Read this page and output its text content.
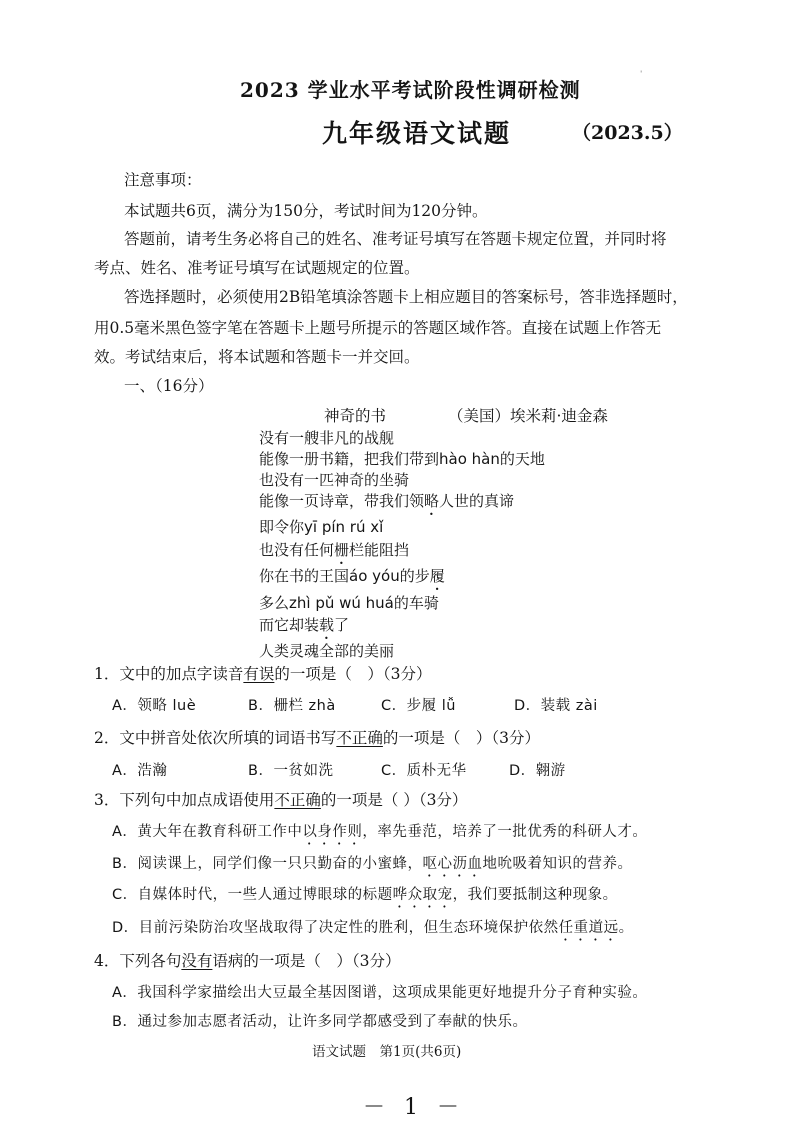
2023 学业水平考试阶段性调研检测
ˈ
九年级语文试题	（2023.5）
注意事项：
本试题共6页，满分为150分，考试时间为120分钟。
答题前，请考生务必将自己的姓名、准考证号填写在答题卡规定位置，并同时将
考点、姓名、准考证号填写在试题规定的位置。
答选择题时，必须使用2B铅笔填涂答题卡上相应题目的答案标号，答非选择题时，
用0.5毫米黑色签字笔在答题卡上题号所提示的答题区域作答。直接在试题上作答无
效。考试结束后，将本试题和答题卡一并交回。
一、（16分）
神奇的书	（美国）埃米莉·迪金森
没有一艘非凡的战舰
能像一册书籍，把我们带到hào hàn的天地
也没有一匹神奇的坐骑
能像一页诗章，带我们领略人世的真谛
即令你yī pín rú xǐ
也没有任何栅栏能阻挡
你在书的王国áo yóu的步履
多么zhì pǔ wú huá的车骑
而它却装载了
人类灵魂全部的美丽
1．文中的加点字读音有误的一项是（　）（3分）
A．领略 luè	B．栅栏 zhà	C．步履 lǚ	D．装载 zài
2．文中拼音处依次所填的词语书写不正确的一项是（　）（3分）
A．浩瀚	B．一贫如洗	C．质朴无华	D．翱游
3．下列句中加点成语使用不正确的一项是（ ）（3分）
A．黄大年在教育科研工作中以身作则，率先垂范，培养了一批优秀的科研人才。
B．阅读课上，同学们像一只只勤奋的小蜜蜂，呕心沥血地吮吸着知识的营养。
C．自媒体时代，一些人通过博眼球的标题哗众取宠，我们要抵制这种现象。
D．目前污染防治攻坚战取得了决定性的胜利，但生态环境保护依然任重道远。
4．下列各句没有语病的一项是（　）（3分）
A．我国科学家描绘出大豆最全基因图谱，这项成果能更好地提升分子育种实验。
B．通过参加志愿者活动，让许多同学都感受到了奉献的快乐。
语文试题　第1页(共6页)
－ 1 －
